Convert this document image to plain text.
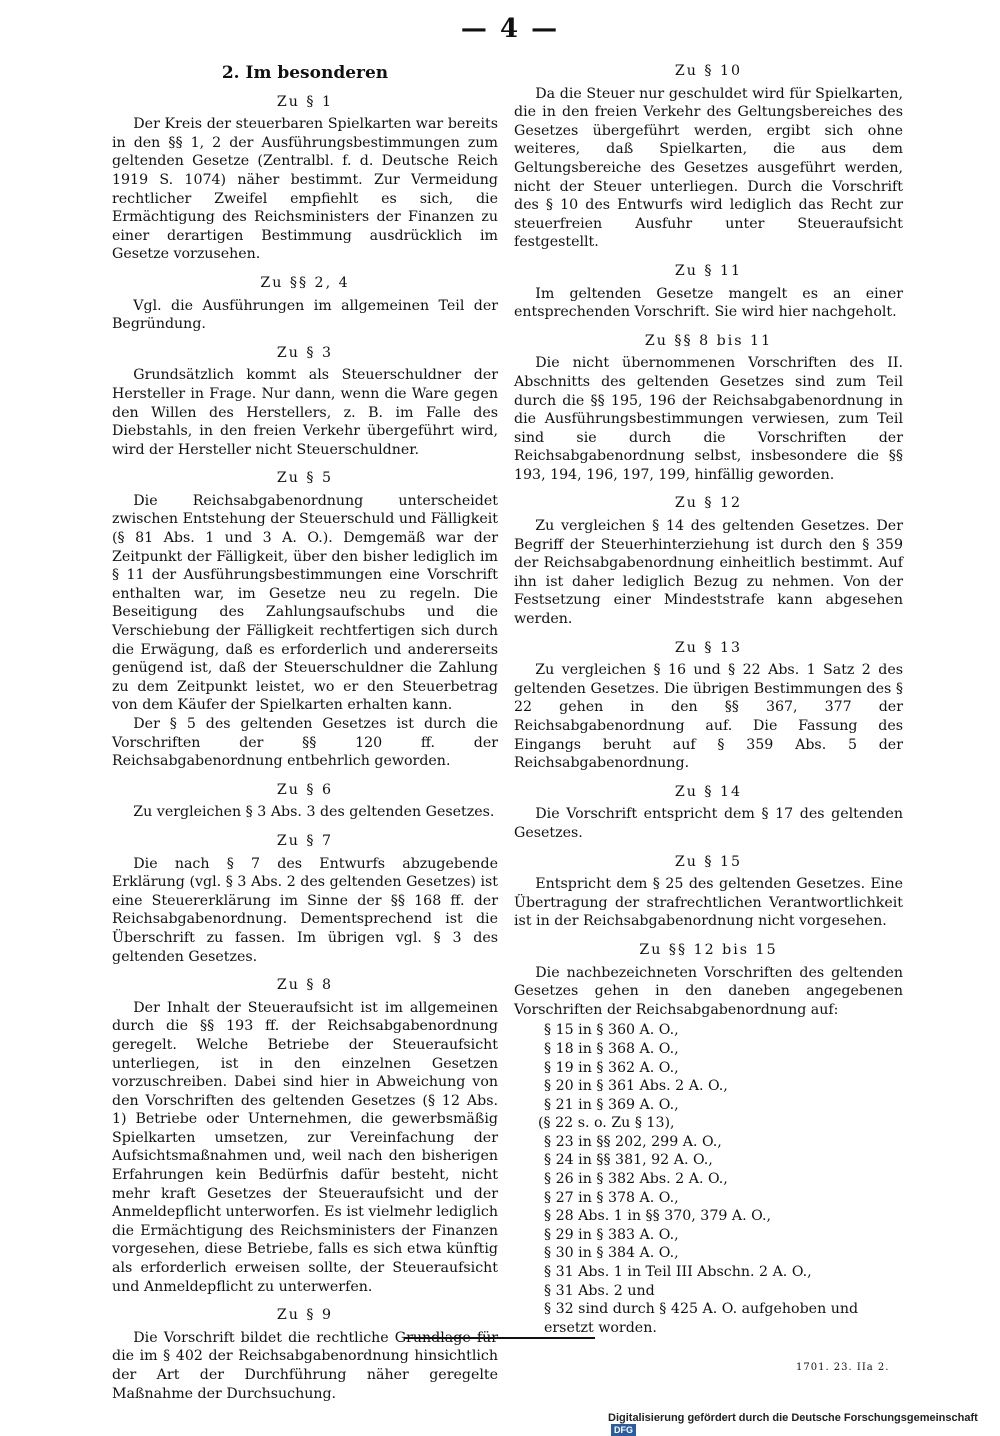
— 4 —
2. Im besonderen
Zu § 1

Der Kreis der steuerbaren Spielkarten war bereits in den §§ 1, 2 der Ausführungsbestimmungen zum geltenden Gesetze (Zentralbl. f. d. Deutsche Reich 1919 S. 1074) näher bestimmt. Zur Vermeidung rechtlicher Zweifel empfiehlt es sich, die Ermächtigung des Reichsministers der Finanzen zu einer derartigen Bestimmung ausdrücklich im Gesetze vorzusehen.

Zu §§ 2, 4

Vgl. die Ausführungen im allgemeinen Teil der Begründung.

Zu § 3

Grundsätzlich kommt als Steuerschuldner der Hersteller in Frage. Nur dann, wenn die Ware gegen den Willen des Herstellers, z. B. im Falle des Diebstahls, in den freien Verkehr übergeführt wird, wird der Hersteller nicht Steuerschuldner.

Zu § 5

Die Reichsabgabenordnung unterscheidet zwischen Entstehung der Steuerschuld und Fälligkeit (§ 81 Abs. 1 und 3 A. O.). Demgemäß war der Zeitpunkt der Fälligkeit, über den bisher lediglich im § 11 der Ausführungsbestimmungen eine Vorschrift enthalten war, im Gesetze neu zu regeln. Die Beseitigung des Zahlungsaufschubs und die Verschiebung der Fälligkeit rechtfertigen sich durch die Erwägung, daß es erforderlich und andererseits genügend ist, daß der Steuerschuldner die Zahlung zu dem Zeitpunkt leistet, wo er den Steuerbetrag von dem Käufer der Spielkarten erhalten kann.

Der § 5 des geltenden Gesetzes ist durch die Vorschriften der §§ 120 ff. der Reichsabgabenordnung entbehrlich geworden.

Zu § 6

Zu vergleichen § 3 Abs. 3 des geltenden Gesetzes.

Zu § 7

Die nach § 7 des Entwurfs abzugebende Erklärung (vgl. § 3 Abs. 2 des geltenden Gesetzes) ist eine Steuererklärung im Sinne der §§ 168 ff. der Reichsabgabenordnung. Dementsprechend ist die Überschrift zu fassen. Im übrigen vgl. § 3 des geltenden Gesetzes.

Zu § 8

Der Inhalt der Steueraufsicht ist im allgemeinen durch die §§ 193 ff. der Reichsabgabenordnung geregelt. Welche Betriebe der Steueraufsicht unterliegen, ist in den einzelnen Gesetzen vorzuschreiben. Dabei sind hier in Abweichung von den Vorschriften des geltenden Gesetzes (§ 12 Abs. 1) Betriebe oder Unternehmen, die gewerbsmäßig Spielkarten umsetzen, zur Vereinfachung der Aufsichtsmaßnahmen und, weil nach den bisherigen Erfahrungen kein Bedürfnis dafür besteht, nicht mehr kraft Gesetzes der Steueraufsicht und der Anmeldepflicht unterworfen. Es ist vielmehr lediglich die Ermächtigung des Reichsministers der Finanzen vorgesehen, diese Betriebe, falls es sich etwa künftig als erforderlich erweisen sollte, der Steueraufsicht und Anmeldepflicht zu unterwerfen.

Zu § 9

Die Vorschrift bildet die rechtliche Grundlage für die im § 402 der Reichsabgabenordnung hinsichtlich der Art der Durchführung näher geregelte Maßnahme der Durchsuchung.

Zu § 10

Da die Steuer nur geschuldet wird für Spielkarten, die in den freien Verkehr des Geltungsbereiches des Gesetzes übergeführt werden, ergibt sich ohne weiteres, daß Spielkarten, die aus dem Geltungsbereiche des Gesetzes ausgeführt werden, nicht der Steuer unterliegen. Durch die Vorschrift des § 10 des Entwurfs wird lediglich das Recht zur steuerfreien Ausfuhr unter Steueraufsicht festgestellt.

Zu § 11

Im geltenden Gesetze mangelt es an einer entsprechenden Vorschrift. Sie wird hier nachgeholt.

Zu §§ 8 bis 11

Die nicht übernommenen Vorschriften des II. Abschnitts des geltenden Gesetzes sind zum Teil durch die §§ 195, 196 der Reichsabgabenordnung in die Ausführungsbestimmungen verwiesen, zum Teil sind sie durch die Vorschriften der Reichsabgabenordnung selbst, insbesondere die §§ 193, 194, 196, 197, 199, hinfällig geworden.

Zu § 12

Zu vergleichen § 14 des geltenden Gesetzes. Der Begriff der Steuerhinterziehung ist durch den § 359 der Reichsabgabenordnung einheitlich bestimmt. Auf ihn ist daher lediglich Bezug zu nehmen. Von der Festsetzung einer Mindeststrafe kann abgesehen werden.

Zu § 13

Zu vergleichen § 16 und § 22 Abs. 1 Satz 2 des geltenden Gesetzes. Die übrigen Bestimmungen des § 22 gehen in den §§ 367, 377 der Reichsabgabenordnung auf. Die Fassung des Eingangs beruht auf § 359 Abs. 5 der Reichsabgabenordnung.

Zu § 14

Die Vorschrift entspricht dem § 17 des geltenden Gesetzes.

Zu § 15

Entspricht dem § 25 des geltenden Gesetzes. Eine Übertragung der strafrechtlichen Verantwortlichkeit ist in der Reichsabgabenordnung nicht vorgesehen.

Zu §§ 12 bis 15

Die nachbezeichneten Vorschriften des geltenden Gesetzes gehen in den daneben angegebenen Vorschriften der Reichsabgabenordnung auf:

§ 15 in § 360 A. O.,
§ 18 in § 368 A. O.,
§ 19 in § 362 A. O.,
§ 20 in § 361 Abs. 2 A. O.,
§ 21 in § 369 A. O.,
(§ 22 s. o. Zu § 13),
§ 23 in §§ 202, 299 A. O.,
§ 24 in §§ 381, 92 A. O.,
§ 26 in § 382 Abs. 2 A. O.,
§ 27 in § 378 A. O.,
§ 28 Abs. 1 in §§ 370, 379 A. O.,
§ 29 in § 383 A. O.,
§ 30 in § 384 A. O.,
§ 31 Abs. 1 in Teil III Abschn. 2 A. O.,
§ 31 Abs. 2 und
§ 32 sind durch § 425 A. O. aufgehoben und ersetzt worden.
1701. 23. IIa 2.
Digitalisierung gefördert durch die Deutsche Forschungsgemeinschaft DFG
